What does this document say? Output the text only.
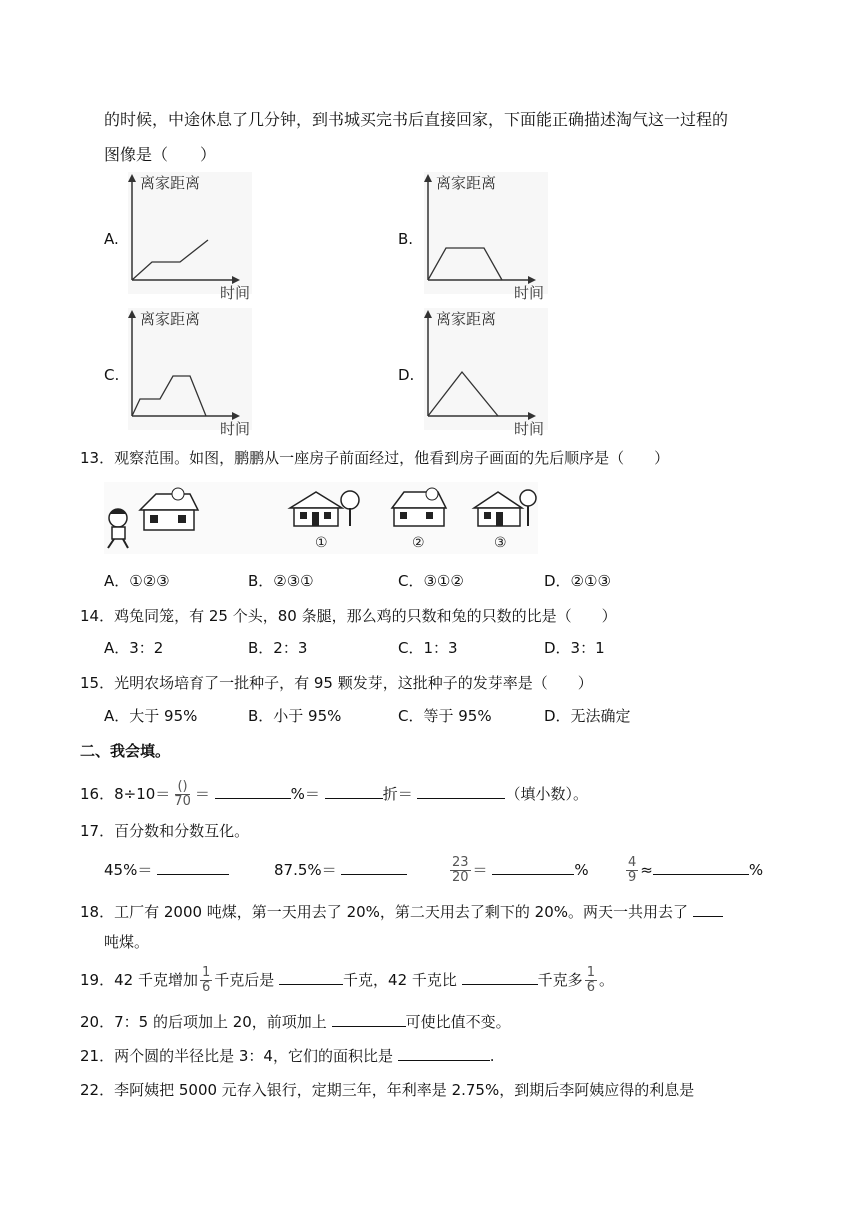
的时候，中途休息了几分钟，到书城买完书后直接回家，下面能正确描述淘气这一过程的
图像是（　　）
A.
离家距离
时间
B.
离家距离
时间
C.
离家距离
时间
D.
离家距离
时间
13．观察范围。如图，鹏鹏从一座房子前面经过，他看到房子画面的先后顺序是（　　）
①	②	③
A．①②③	B．②③①	C．③①②	D．②①③
14．鸡兔同笼，有 25 个头，80 条腿，那么鸡的只数和兔的只数的比是（　　）
A．3：2	B．2：3	C．1：3	D．3：1
15．光明农场培育了一批种子，有 95 颗发芽，这批种子的发芽率是（　　）
A．大于 95%	B．小于 95%	C．等于 95%	D．无法确定
二、我会填。
16．$8\div 10= \frac{()}{70}$ ＝	%＝	折＝	（填小数）。
17．百分数和分数互化。
45%＝	87.5%＝	$\frac{23}{20}$ ＝	%	$\frac{4}{9}$ ≈	%
18．工厂有 2000 吨煤，第一天用去了 20%，第二天用去了剩下的 20%。两天一共用去了
吨煤。
19．42 千克增加 $\frac{1}{6}$ 千克后是	千克，42 千克比	千克多 $\frac{1}{6}$ 。
20．7：5 的后项加上 20，前项加上	可使比值不变。
21．两个圆的半径比是 3：4，它们的面积比是	.
22．李阿姨把 5000 元存入银行，定期三年，年利率是 2.75%，到期后李阿姨应得的利息是
